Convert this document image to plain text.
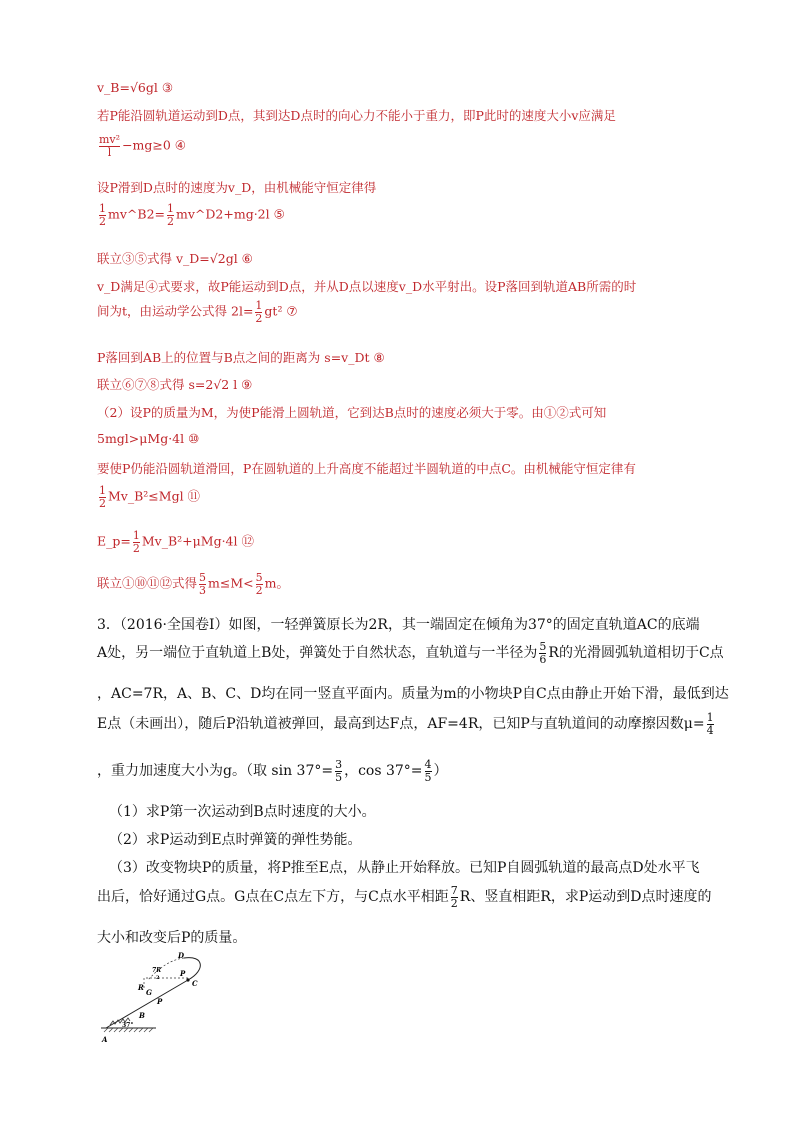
v_B=√6gl ③
若P能沿圆轨道运动到D点，其到达D点时的向心力不能小于重力，即P此时的速度大小v应满足
$\frac{\text{mv²}}{l} -mg\ge 0$ ④
设P滑到D点时的速度为v_D，由机械能守恒定律得
$\frac{1}{2}$ mv^B2= $\frac{1}{2}$ mv^D2+mg·2l ⑤
联立③⑤式得 v_D=√2gl ⑥
v_D满足④式要求，故P能运动到D点，并从D点以速度v_D水平射出。设P落回到轨道AB所需的时
间为t，由运动学公式得 $2l= \frac{1}{2} gt^2$ ⑦
P落回到AB上的位置与B点之间的距离为 s=v_Dt ⑧
联立⑥⑦⑧式得 s=2√2 l ⑨
（2）设P的质量为M，为使P能滑上圆轨道，它到达B点时的速度必须大于零。由①②式可知
5mgl>μMg·4l ⑩
要使P仍能沿圆轨道滑回，P在圆轨道的上升高度不能超过半圆轨道的中点C。由机械能守恒定律有
$\frac{1}{2}$ Mv_B²≤Mgl ⑪
E_p= $\frac{1}{2}$ Mv_B²+μMg·4l ⑫
联立①⑩⑪⑫式得 $\frac{5}{3} m\le M< \frac{5}{2}$ m。
3．（2016·全国卷Ⅰ）如图，一轻弹簧原长为2R，其一端固定在倾角为37°的固定直轨道AC的底端
A处，另一端位于直轨道上B处，弹簧处于自然状态，直轨道与一半径为 $\frac{5}{6}$ R的光滑圆弧轨道相切于C点
，AC=7R，A、B、C、D均在同一竖直平面内。质量为m的小物块P自C点由静止开始下滑，最低到达
E点（未画出），随后P沿轨道被弹回，最高到达F点，AF=4R，已知P与直轨道间的动摩擦因数$\mu= \frac{1}{4}$
，重力加速度大小为g。（取 $\sin 37^\circ= \frac{3}{5}$ ，$\cos 37^\circ= \frac{4}{5}$ ）
（1）求P第一次运动到B点时速度的大小。
（2）求P运动到E点时弹簧的弹性势能。
（3）改变物块P的质量，将P推至E点，从静止开始释放。已知P自圆弧轨道的最高点D处水平飞
出后，恰好通过G点。G点在C点左下方，与C点水平相距 $\frac{7}{2}$ R、竖直相距R，求P运动到D点时速度的
大小和改变后P的质量。
D
7R
2	P
C
R
G
P
B
A
37°
